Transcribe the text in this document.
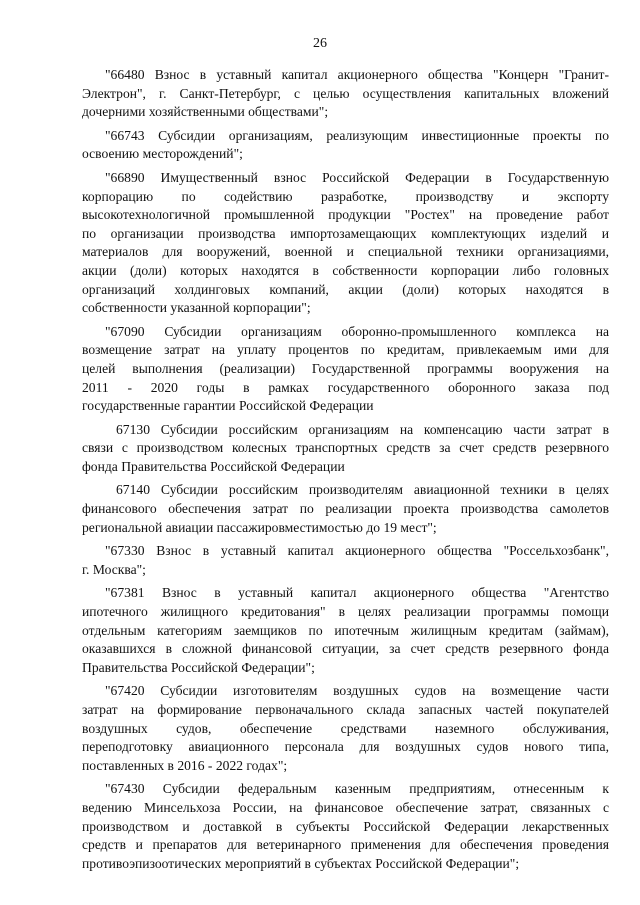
26

"66480 Взнос в уставный капитал акционерного общества "Концерн "Гранит-
Электрон", г. Санкт-Петербург, с целью осуществления капитальных вложений
дочерними хозяйственными обществами";

"66743 Субсидии организациям, реализующим инвестиционные проекты по
освоению месторождений";

"66890 Имущественный взнос Российской Федерации в Государственную
корпорацию по содействию разработке, производству и экспорту
высокотехнологичной промышленной продукции "Ростех" на проведение работ
по организации производства импортозамещающих комплектующих изделий и
материалов для вооружений, военной и специальной техники организациями,
акции (доли) которых находятся в собственности корпорации либо головных
организаций холдинговых компаний, акции (доли) которых находятся в
собственности указанной корпорации";

"67090 Субсидии организациям оборонно-промышленного комплекса на
возмещение затрат на уплату процентов по кредитам, привлекаемым ими для
целей выполнения (реализации) Государственной программы вооружения на
2011 - 2020 годы в рамках государственного оборонного заказа под
государственные гарантии Российской Федерации

67130 Субсидии российским организациям на компенсацию части затрат в
связи с производством колесных транспортных средств за счет средств резервного
фонда Правительства Российской Федерации

67140 Субсидии российским производителям авиационной техники в целях
финансового обеспечения затрат по реализации проекта производства самолетов
региональной авиации пассажировместимостью до 19 мест";

"67330 Взнос в уставный капитал акционерного общества "Россельхозбанк",
г. Москва";

"67381 Взнос в уставный капитал акционерного общества "Агентство
ипотечного жилищного кредитования" в целях реализации программы помощи
отдельным категориям заемщиков по ипотечным жилищным кредитам (займам),
оказавшихся в сложной финансовой ситуации, за счет средств резервного фонда
Правительства Российской Федерации";

"67420 Субсидии изготовителям воздушных судов на возмещение части
затрат на формирование первоначального склада запасных частей покупателей
воздушных судов, обеспечение средствами наземного обслуживания,
переподготовку авиационного персонала для воздушных судов нового типа,
поставленных в 2016 - 2022 годах";

"67430 Субсидии федеральным казенным предприятиям, отнесенным к
ведению Минсельхоза России, на финансовое обеспечение затрат, связанных с
производством и доставкой в субъекты Российской Федерации лекарственных
средств и препаратов для ветеринарного применения для обеспечения проведения
противоэпизоотических мероприятий в субъектах Российской Федерации";
